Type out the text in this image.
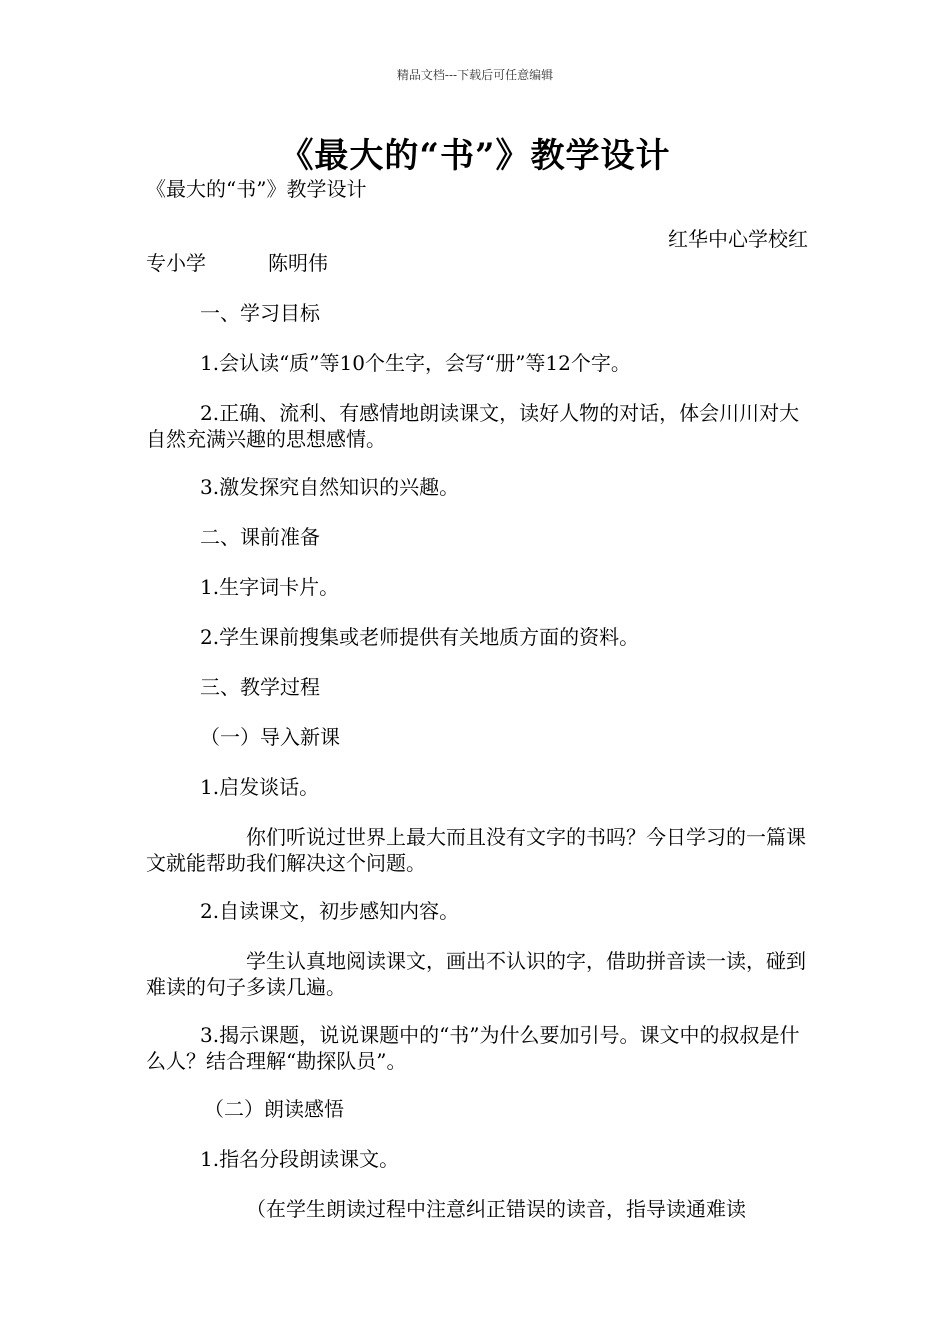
精品文档---下载后可任意编辑
《最大的“书”》教学设计
《最大的“书”》教学设计
红华中心学校红
专小学	陈明伟
一、学习目标
1.会认读“质”等10个生字，会写“册”等12个字。
2.正确、流利、有感情地朗读课文，读好人物的对话，体会川川对大自然充满兴趣的思想感情。
3.激发探究自然知识的兴趣。
二、课前准备
1.生字词卡片。
2.学生课前搜集或老师提供有关地质方面的资料。
三、教学过程
（一）导入新课
1.启发谈话。
你们听说过世界上最大而且没有文字的书吗？今日学习的一篇课文就能帮助我们解决这个问题。
2.自读课文，初步感知内容。
学生认真地阅读课文，画出不认识的字，借助拼音读一读，碰到难读的句子多读几遍。
3.揭示课题，说说课题中的“书”为什么要加引号。课文中的叔叔是什么人？结合理解“勘探队员”。
（二）朗读感悟
1.指名分段朗读课文。
（在学生朗读过程中注意纠正错误的读音，指导读通难读
